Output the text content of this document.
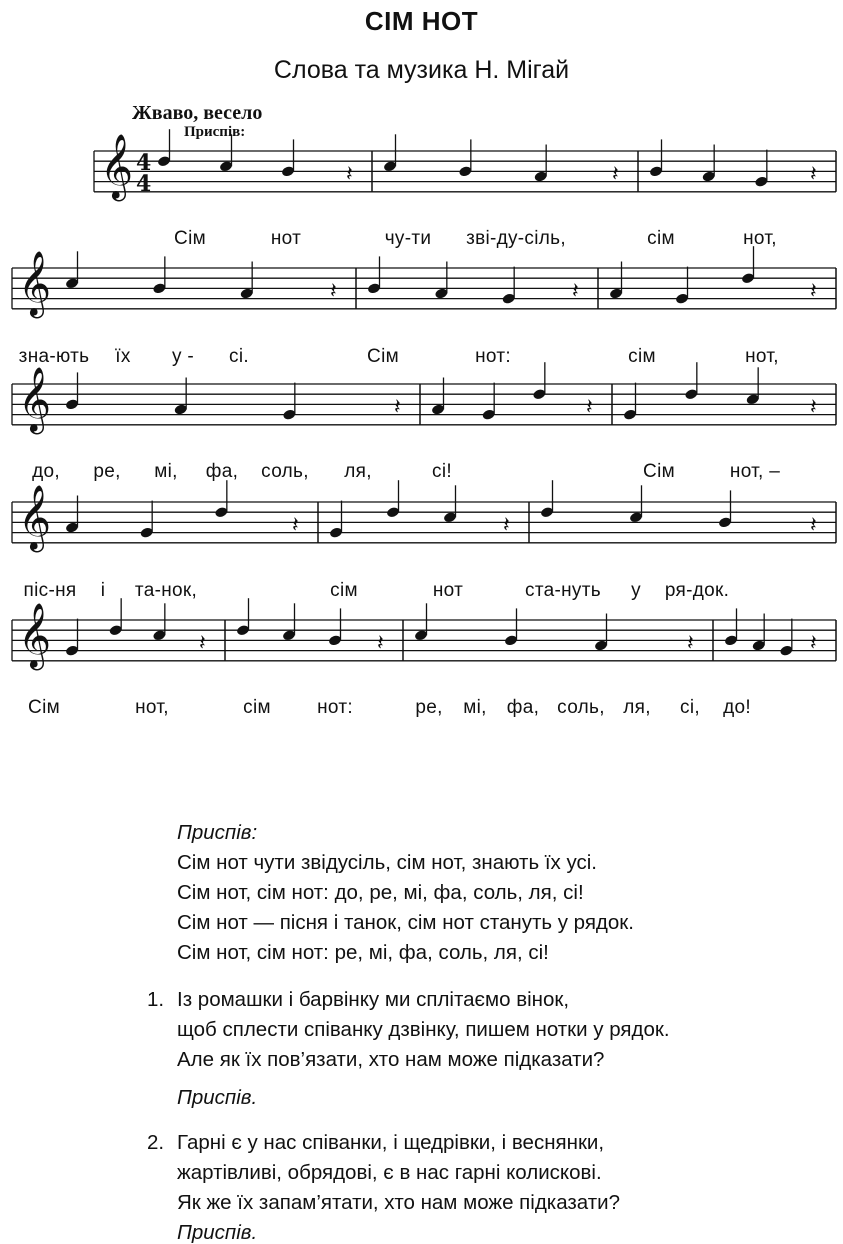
СІМ НОТ
Слова та музика Н. Мігай
Жваво, весело
Приспів:
𝄞	𝄽	𝄽	𝄽
𝄞	𝄽	𝄽	𝄽
𝄞	𝄽	𝄽	𝄽
𝄞	𝄽	𝄽	𝄽
𝄞	𝄽	𝄽	𝄽	𝄽
4
4
Сім	нот	чу-ти зві-ду-сіль,	сім	нот,
зна-ють їх у - сі.	Сім	нот:	сім	нот,
до, ре, мі, фа, соль, ля,	сі!	Сім	нот, –
піс-ня і та-нок,	сім	нот	ста-нуть у ря-док.
Сім	нот,	сім нот:	ре, мі, фа, соль, ля, сі, до!
Приспів:
Сім нот чути звідусіль, сім нот, знають їх усі.
Сім нот, сім нот: до, ре, мі, фа, соль, ля, сі!
Сім нот — пісня і танок, сім нот стануть у рядок.
Сім нот, сім нот: ре, мі, фа, соль, ля, сі!
1. Із ромашки і барвінку ми сплітаємо вінок,
щоб сплести співанку дзвінку, пишем нотки у рядок.
Але як їх пов’язати, хто нам може підказати?
Приспів.
2. Гарні є у нас співанки, і щедрівки, і веснянки,
жартівливі, обрядові, є в нас гарні колискові.
Як же їх запам’ятати, хто нам може підказати?
Приспів.
